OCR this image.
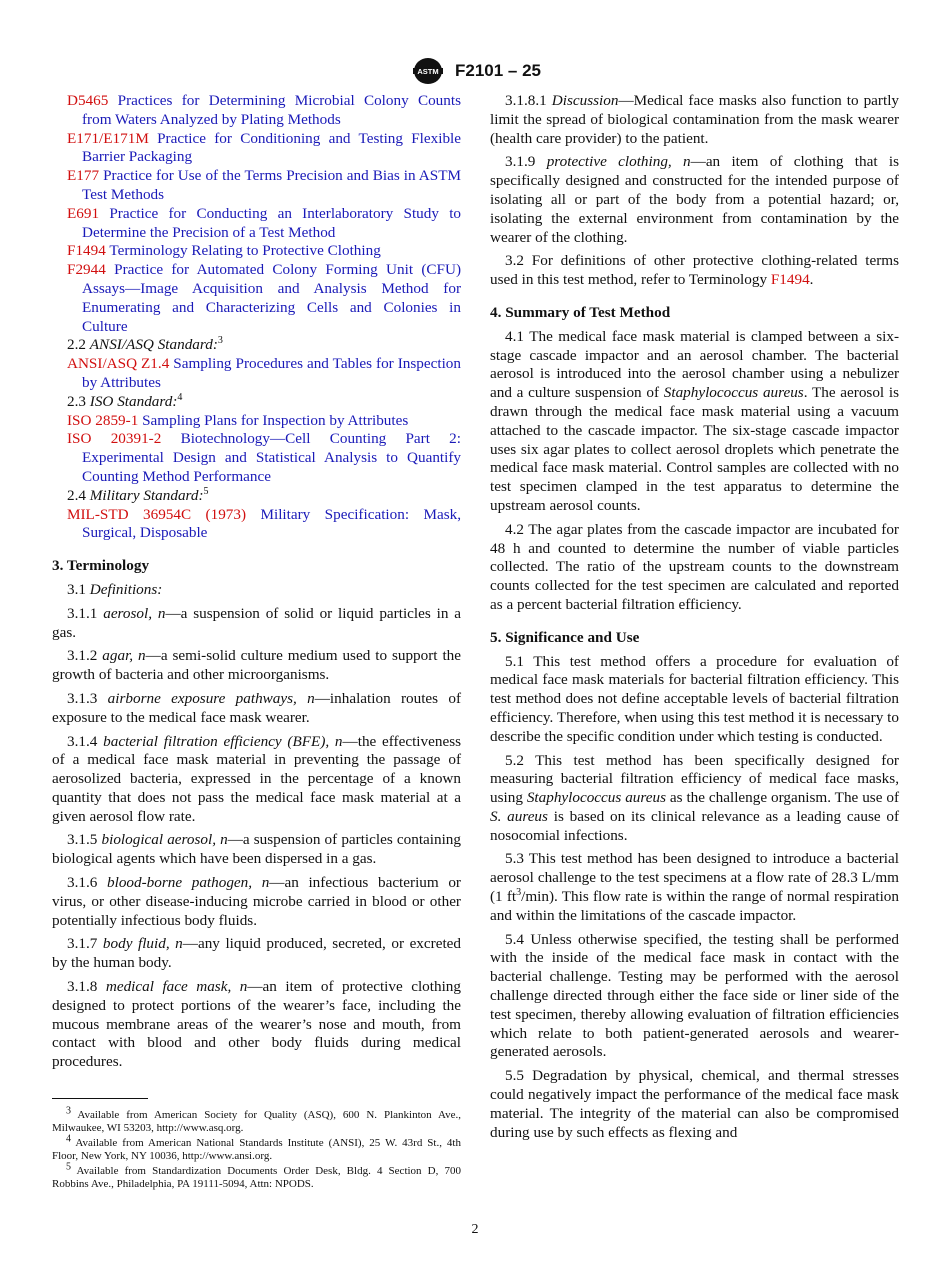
ASTM F2101 – 25

D5465 Practices for Determining Microbial Colony Counts from Waters Analyzed by Plating Methods

E171/E171M Practice for Conditioning and Testing Flexible Barrier Packaging

E177 Practice for Use of the Terms Precision and Bias in ASTM Test Methods

E691 Practice for Conducting an Interlaboratory Study to Determine the Precision of a Test Method

F1494 Terminology Relating to Protective Clothing

F2944 Practice for Automated Colony Forming Unit (CFU) Assays—Image Acquisition and Analysis Method for Enumerating and Characterizing Cells and Colonies in Culture

2.2 ANSI/ASQ Standard:$^3$

ANSI/ASQ Z1.4 Sampling Procedures and Tables for Inspection by Attributes

2.3 ISO Standard:$^4$

ISO 2859-1 Sampling Plans for Inspection by Attributes

ISO 20391-2 Biotechnology—Cell Counting Part 2: Experimental Design and Statistical Analysis to Quantify Counting Method Performance

2.4 Military Standard:$^5$

MIL-STD 36954C (1973) Military Specification: Mask, Surgical, Disposable

3. Terminology

3.1 Definitions:

3.1.1 aerosol, n—a suspension of solid or liquid particles in a gas.

3.1.2 agar, n—a semi-solid culture medium used to support the growth of bacteria and other microorganisms.

3.1.3 airborne exposure pathways, n—inhalation routes of exposure to the medical face mask wearer.

3.1.4 bacterial filtration efficiency (BFE), n—the effectiveness of a medical face mask material in preventing the passage of aerosolized bacteria, expressed in the percentage of a known quantity that does not pass the medical face mask material at a given aerosol flow rate.

3.1.5 biological aerosol, n—a suspension of particles containing biological agents which have been dispersed in a gas.

3.1.6 blood-borne pathogen, n—an infectious bacterium or virus, or other disease-inducing microbe carried in blood or other potentially infectious body fluids.

3.1.7 body fluid, n—any liquid produced, secreted, or excreted by the human body.

3.1.8 medical face mask, n—an item of protective clothing designed to protect portions of the wearer’s face, including the mucous membrane areas of the wearer’s nose and mouth, from contact with blood and other body fluids during medical procedures.

$^3$ Available from American Society for Quality (ASQ), 600 N. Plankinton Ave., Milwaukee, WI 53203, http://www.asq.org.

$^4$ Available from American National Standards Institute (ANSI), 25 W. 43rd St., 4th Floor, New York, NY 10036, http://www.ansi.org.

$^5$ Available from Standardization Documents Order Desk, Bldg. 4 Section D, 700 Robbins Ave., Philadelphia, PA 19111-5094, Attn: NPODS.

3.1.8.1 Discussion—Medical face masks also function to partly limit the spread of biological contamination from the mask wearer (health care provider) to the patient.

3.1.9 protective clothing, n—an item of clothing that is specifically designed and constructed for the intended purpose of isolating all or part of the body from a potential hazard; or, isolating the external environment from contamination by the wearer of the clothing.

3.2 For definitions of other protective clothing-related terms used in this test method, refer to Terminology F1494.

4. Summary of Test Method

4.1 The medical face mask material is clamped between a six-stage cascade impactor and an aerosol chamber. The bacterial aerosol is introduced into the aerosol chamber using a nebulizer and a culture suspension of Staphylococcus aureus. The aerosol is drawn through the medical face mask material using a vacuum attached to the cascade impactor. The six-stage cascade impactor uses six agar plates to collect aerosol droplets which penetrate the medical face mask material. Control samples are collected with no test specimen clamped in the test apparatus to determine the upstream aerosol counts.

4.2 The agar plates from the cascade impactor are incubated for 48 h and counted to determine the number of viable particles collected. The ratio of the upstream counts to the downstream counts collected for the test specimen are calculated and reported as a percent bacterial filtration efficiency.

5. Significance and Use

5.1 This test method offers a procedure for evaluation of medical face mask materials for bacterial filtration efficiency. This test method does not define acceptable levels of bacterial filtration efficiency. Therefore, when using this test method it is necessary to describe the specific condition under which testing is conducted.

5.2 This test method has been specifically designed for measuring bacterial filtration efficiency of medical face masks, using Staphylococcus aureus as the challenge organism. The use of S. aureus is based on its clinical relevance as a leading cause of nosocomial infections.

5.3 This test method has been designed to introduce a bacterial aerosol challenge to the test specimens at a flow rate of 28.3 L/mm (1 $ft^3/\min$). This flow rate is within the range of normal respiration and within the limitations of the cascade impactor.

5.4 Unless otherwise specified, the testing shall be performed with the inside of the medical face mask in contact with the bacterial challenge. Testing may be performed with the aerosol challenge directed through either the face side or liner side of the test specimen, thereby allowing evaluation of filtration efficiencies which relate to both patient-generated aerosols and wearer-generated aerosols.

5.5 Degradation by physical, chemical, and thermal stresses could negatively impact the performance of the medical face mask material. The integrity of the material can also be compromised during use by such effects as flexing and

2
